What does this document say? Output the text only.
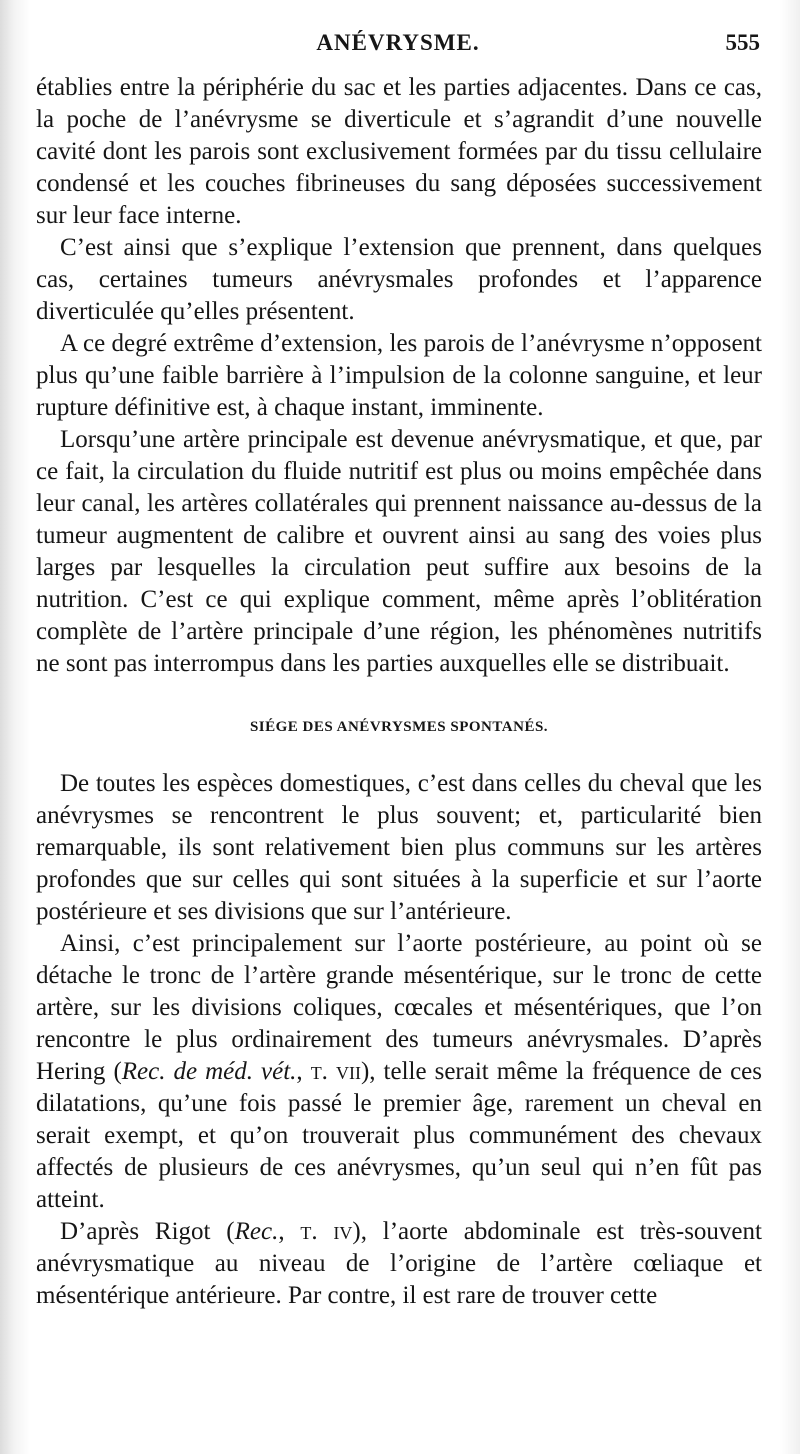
ANÉVRYSME.	555

établies entre la périphérie du sac et les parties adjacentes. Dans ce cas, la poche de l’anévrysme se diverticule et s’agrandit d’une nouvelle cavité dont les parois sont exclusivement formées par du tissu cellulaire condensé et les couches fibrineuses du sang déposées successivement sur leur face interne.

C’est ainsi que s’explique l’extension que prennent, dans quelques cas, certaines tumeurs anévrysmales profondes et l’apparence diverticulée qu’elles présentent.

A ce degré extrême d’extension, les parois de l’anévrysme n’opposent plus qu’une faible barrière à l’impulsion de la colonne sanguine, et leur rupture définitive est, à chaque instant, imminente.

Lorsqu’une artère principale est devenue anévrysmatique, et que, par ce fait, la circulation du fluide nutritif est plus ou moins empêchée dans leur canal, les artères collatérales qui prennent naissance au-dessus de la tumeur augmentent de calibre et ouvrent ainsi au sang des voies plus larges par lesquelles la circulation peut suffire aux besoins de la nutrition. C’est ce qui explique comment, même après l’oblitération complète de l’artère principale d’une région, les phénomènes nutritifs ne sont pas interrompus dans les parties auxquelles elle se distribuait.

SIÉGE DES ANÉVRYSMES SPONTANÉS.

De toutes les espèces domestiques, c’est dans celles du cheval que les anévrysmes se rencontrent le plus souvent; et, particularité bien remarquable, ils sont relativement bien plus communs sur les artères profondes que sur celles qui sont situées à la superficie et sur l’aorte postérieure et ses divisions que sur l’antérieure.

Ainsi, c’est principalement sur l’aorte postérieure, au point où se détache le tronc de l’artère grande mésentérique, sur le tronc de cette artère, sur les divisions coliques, cœcales et mésentériques, que l’on rencontre le plus ordinairement des tumeurs anévrysmales. D’après Hering (Rec. de méd. vét., t. vii), telle serait même la fréquence de ces dilatations, qu’une fois passé le premier âge, rarement un cheval en serait exempt, et qu’on trouverait plus communément des chevaux affectés de plusieurs de ces anévrysmes, qu’un seul qui n’en fût pas atteint.

D’après Rigot (Rec., t. iv), l’aorte abdominale est très-souvent anévrysmatique au niveau de l’origine de l’artère cœliaque et mésentérique antérieure. Par contre, il est rare de trouver cette
